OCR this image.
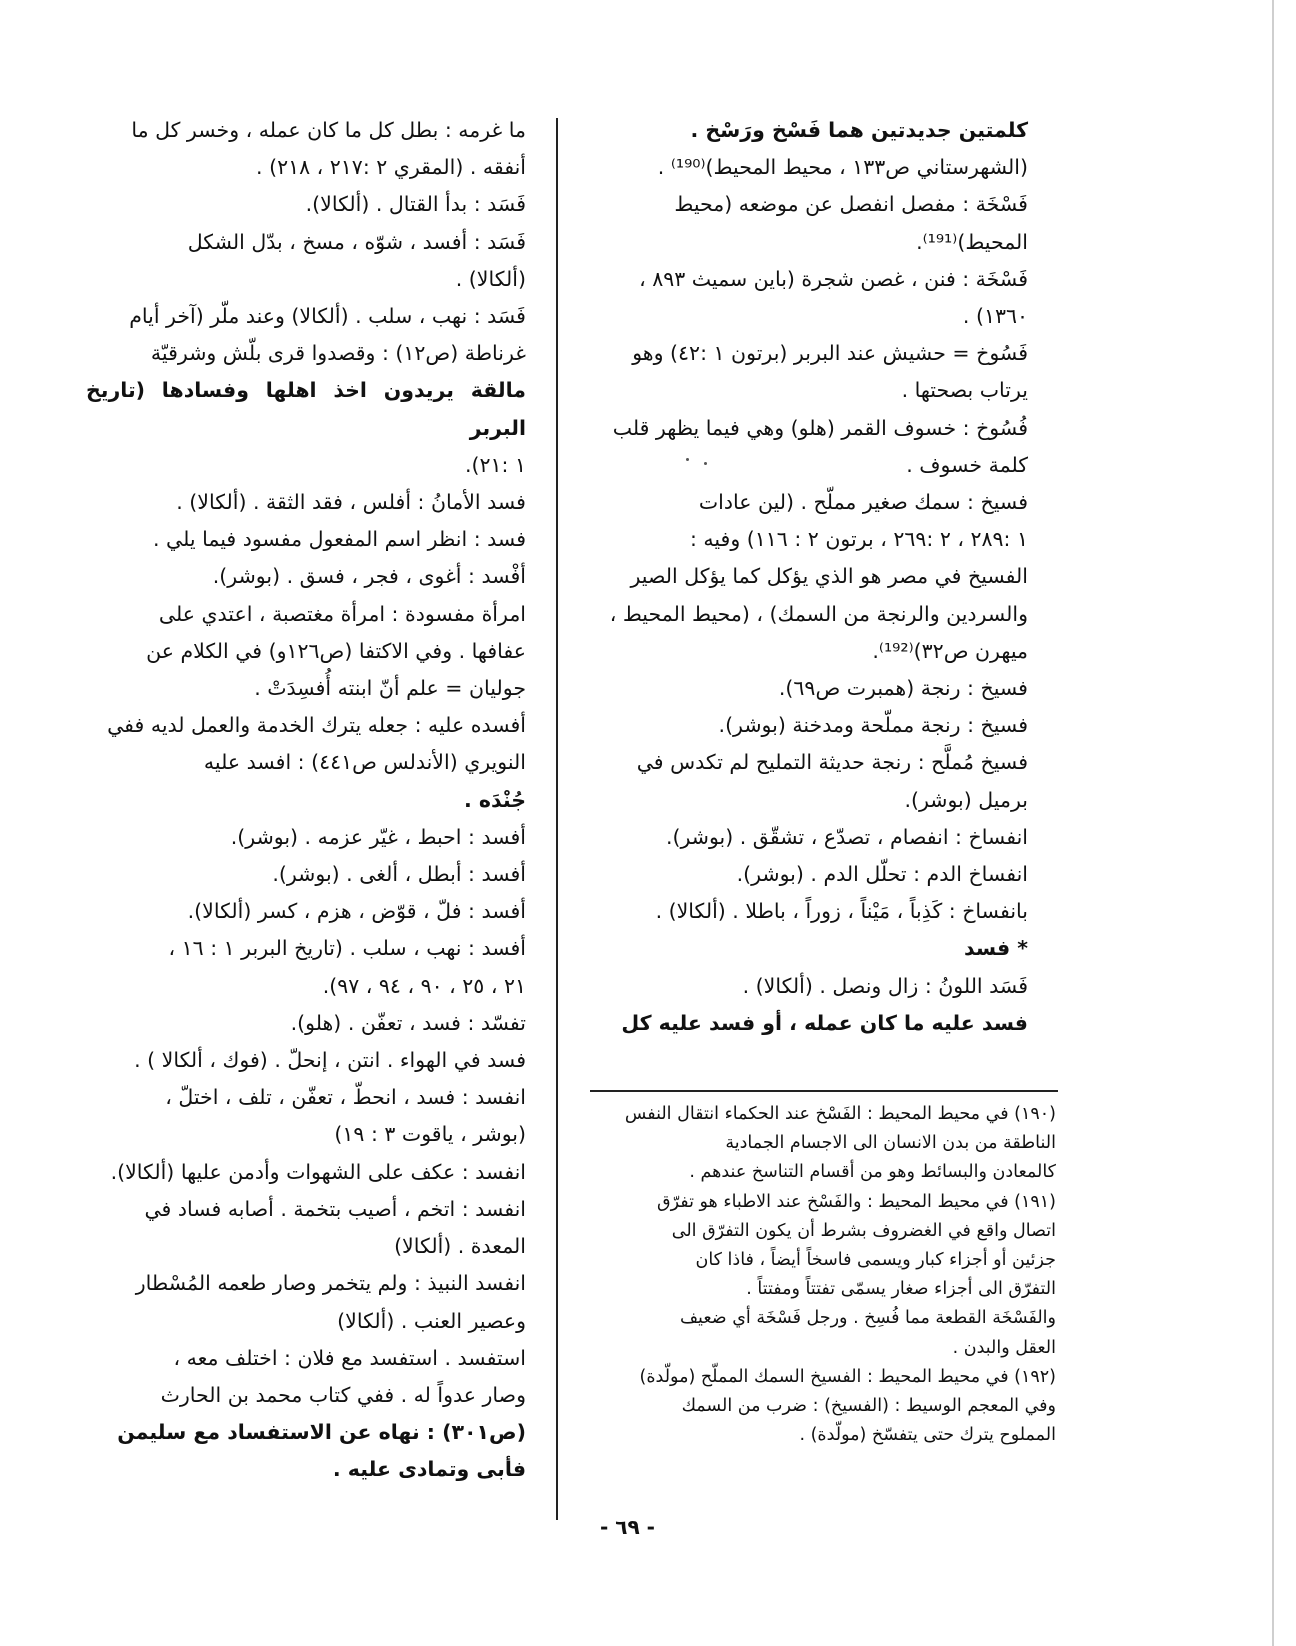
كلمتين جديدتين هما فَسْخ ورَسْخ .
(الشهرستاني ص١٣٣ ، محيط المحيط)⁽¹⁹⁰⁾ .
فَسْخَة : مفصل انفصل عن موضعه (محيط
المحيط)⁽¹⁹¹⁾.
فَسْخَة : فنن ، غصن شجرة (باين سميث ٨٩٣ ،
١٣٦٠) .
فَسُوخ = حشيش عند البربر (برتون ١ :٤٢) وهو
يرتاب بصحتها .
فُسُوخ : خسوف القمر (هلو) وهي فيما يظهر قلب
كلمة خسوف .
فسيخ : سمك صغير مملّح . (لين عادات
١ :٢٨٩ ، ٢ :٢٦٩ ، برتون ٢ : ١١٦) وفيه :
الفسيخ في مصر هو الذي يؤكل كما يؤكل الصير
والسردين والرنجة من السمك) ، (محيط المحيط ،
ميهرن ص٣٢)⁽¹⁹²⁾.
فسيخ : رنجة (همبرت ص٦٩).
فسيخ : رنجة مملّحة ومدخنة (بوشر).
فسيخ مُملَّح : رنجة حديثة التمليح لم تكدس في
برميل (بوشر).
انفساخ : انفصام ، تصدّع ، تشقّق . (بوشر).
انفساخ الدم : تحلّل الدم . (بوشر).
بانفساخ : كَذِباً ، مَيْناً ، زوراً ، باطلا . (ألكالا) .
* فسد
فَسَد اللونُ : زال ونصل . (ألكالا) .
فسد عليه ما كان عمله ، أو فسد عليه كل
ما غرمه : بطل كل ما كان عمله ، وخسر كل ما
أنفقه . (المقري ٢ :٢١٧ ، ٢١٨) .
فَسَد : بدأ القتال . (ألكالا).
فَسَد : أفسد ، شوّه ، مسخ ، بدّل الشكل
(ألكالا) .
فَسَد : نهب ، سلب . (ألكالا) وعند ملّر (آخر أيام
غرناطة (ص١٢) : وقصدوا قرى بلّش وشرقيّة
مالقة يريدون اخذ اهلها وفسادها (تاريخ البربر
١ :٢١).
فسد الأمانُ : أفلس ، فقد الثقة . (ألكالا) .
فسد : انظر اسم المفعول مفسود فيما يلي .
أفْسد : أغوى ، فجر ، فسق . (بوشر).
امرأة مفسودة : امرأة مغتصبة ، اعتدي على
عفافها . وفي الاكتفا (ص١٢٦و) في الكلام عن
جوليان = علم أنّ ابنته أُفسِدَتْ .
أفسده عليه : جعله يترك الخدمة والعمل لديه ففي
النويري (الأندلس ص٤٤١) : افسد عليه
جُنْدَه .
أفسد : احبط ، غيّر عزمه . (بوشر).
أفسد : أبطل ، ألغى . (بوشر).
أفسد : فلّ ، قوّض ، هزم ، كسر (ألكالا).
أفسد : نهب ، سلب . (تاريخ البربر ١ : ١٦ ،
٢١ ، ٢٥ ، ٩٠ ، ٩٤ ، ٩٧).
تفسّد : فسد ، تعفّن . (هلو).
فسد في الهواء . انتن ، إنحلّ . (فوك ، ألكالا ) .
انفسد : فسد ، انحطّ ، تعفّن ، تلف ، اختلّ ،
(بوشر ، ياقوت ٣ : ١٩)
انفسد : عكف على الشهوات وأدمن عليها (ألكالا).
انفسد : اتخم ، أصيب بتخمة . أصابه فساد في
المعدة . (ألكالا)
انفسد النبيذ : ولم يتخمر وصار طعمه المُسْطار
وعصير العنب . (ألكالا)
استفسد . استفسد مع فلان : اختلف معه ،
وصار عدواً له . ففي كتاب محمد بن الحارث
(ص٣٠١) : نهاه عن الاستفساد مع سليمن
فأبى وتمادى عليه .
(١٩٠) في محيط المحيط : الفَسْخ عند الحكماء انتقال النفس
الناطقة من بدن الانسان الى الاجسام الجمادية
كالمعادن والبسائط وهو من أقسام التناسخ عندهم .
(١٩١) في محيط المحيط : والفَسْخ عند الاطباء هو تفرّق
اتصال واقع في الغضروف بشرط أن يكون التفرّق الى
جزئين أو أجزاء كبار ويسمى فاسخاً أيضاً ، فاذا كان
التفرّق الى أجزاء صغار يسمّى تفتتاً ومفتتاً .
والفَسْخَة القطعة مما فُسِخ . ورجل فَسْخَة أي ضعيف
العقل والبدن .
(١٩٢) في محيط المحيط : الفسيخ السمك المملّح (مولّدة)
وفي المعجم الوسيط : (الفسيخ) : ضرب من السمك
المملوح يترك حتى يتفسّخ (مولّدة) .
- ٦٩ -
